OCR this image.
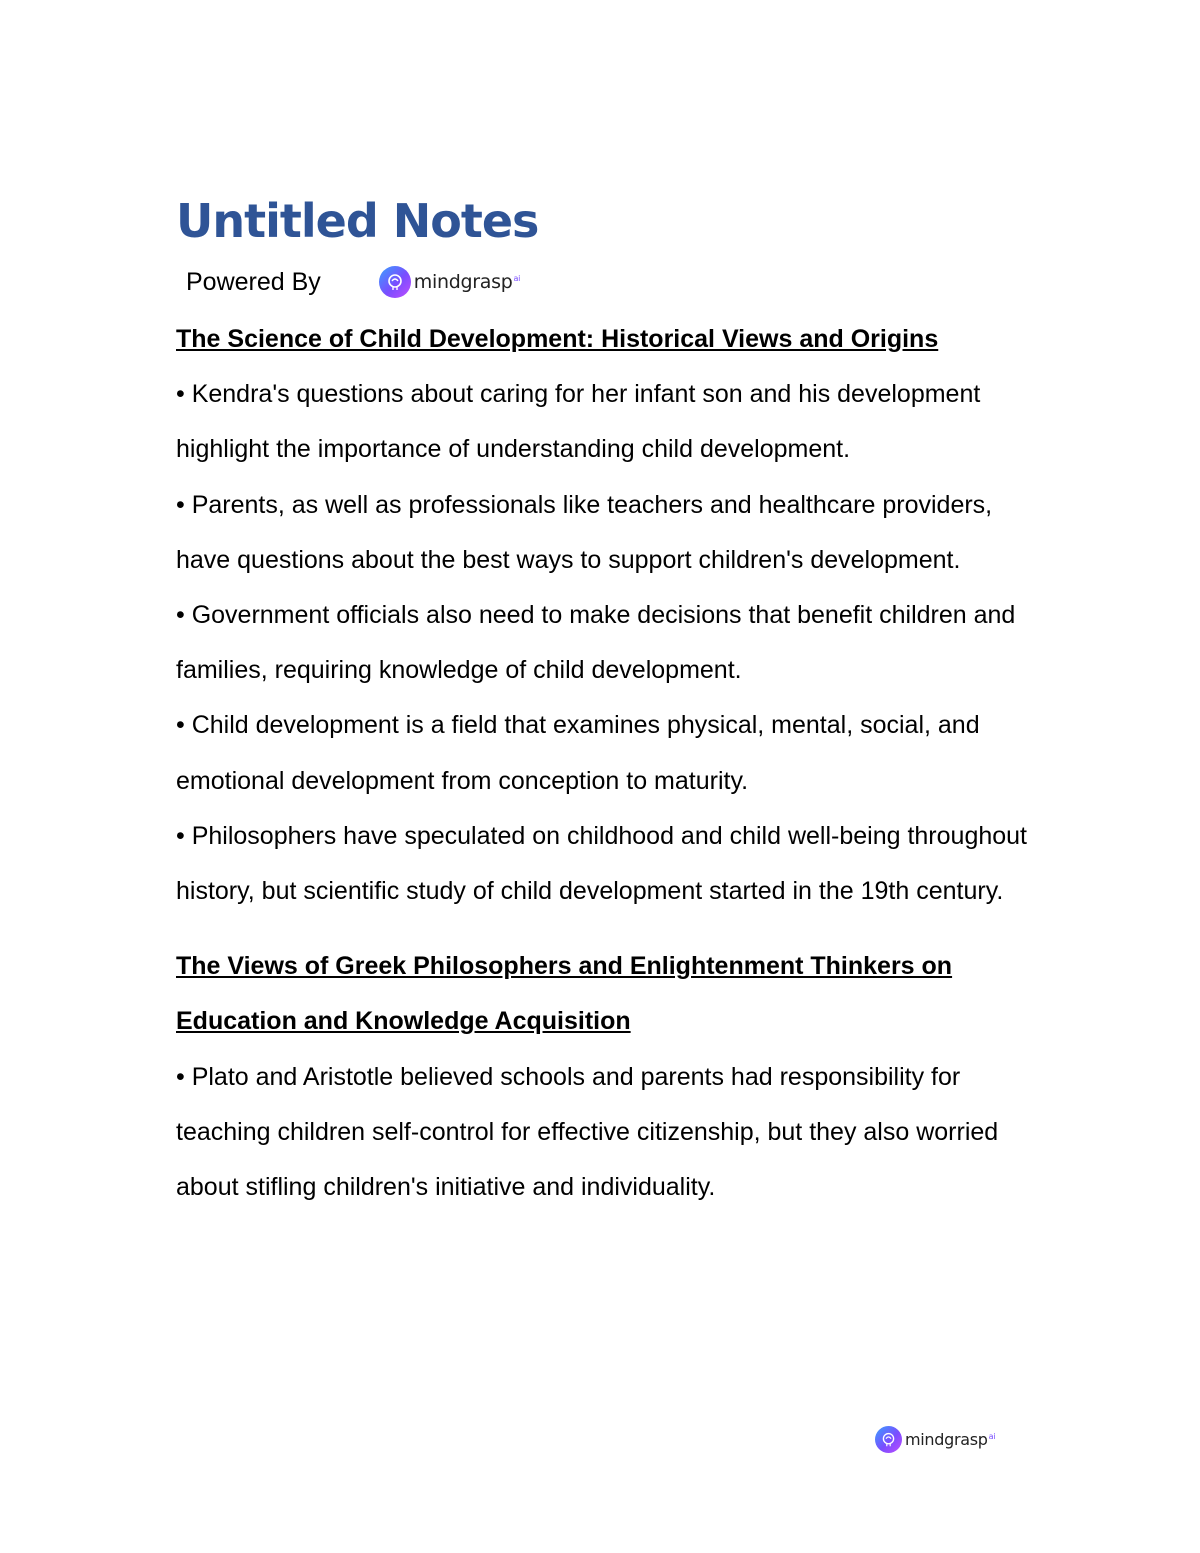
Untitled Notes
Powered By	mindgrasp$^{ai}$

The Science of Child Development: Historical Views and Origins

• Kendra's questions about caring for her infant son and his development highlight the importance of understanding child development.

• Parents, as well as professionals like teachers and healthcare providers, have questions about the best ways to support children's development.

• Government officials also need to make decisions that benefit children and families, requiring knowledge of child development.

• Child development is a field that examines physical, mental, social, and emotional development from conception to maturity.

• Philosophers have speculated on childhood and child well-being throughout history, but scientific study of child development started in the 19th century.

The Views of Greek Philosophers and Enlightenment Thinkers on Education and Knowledge Acquisition

• Plato and Aristotle believed schools and parents had responsibility for teaching children self-control for effective citizenship, but they also worried about stifling children's initiative and individuality.

mindgrasp$^{ai}$
